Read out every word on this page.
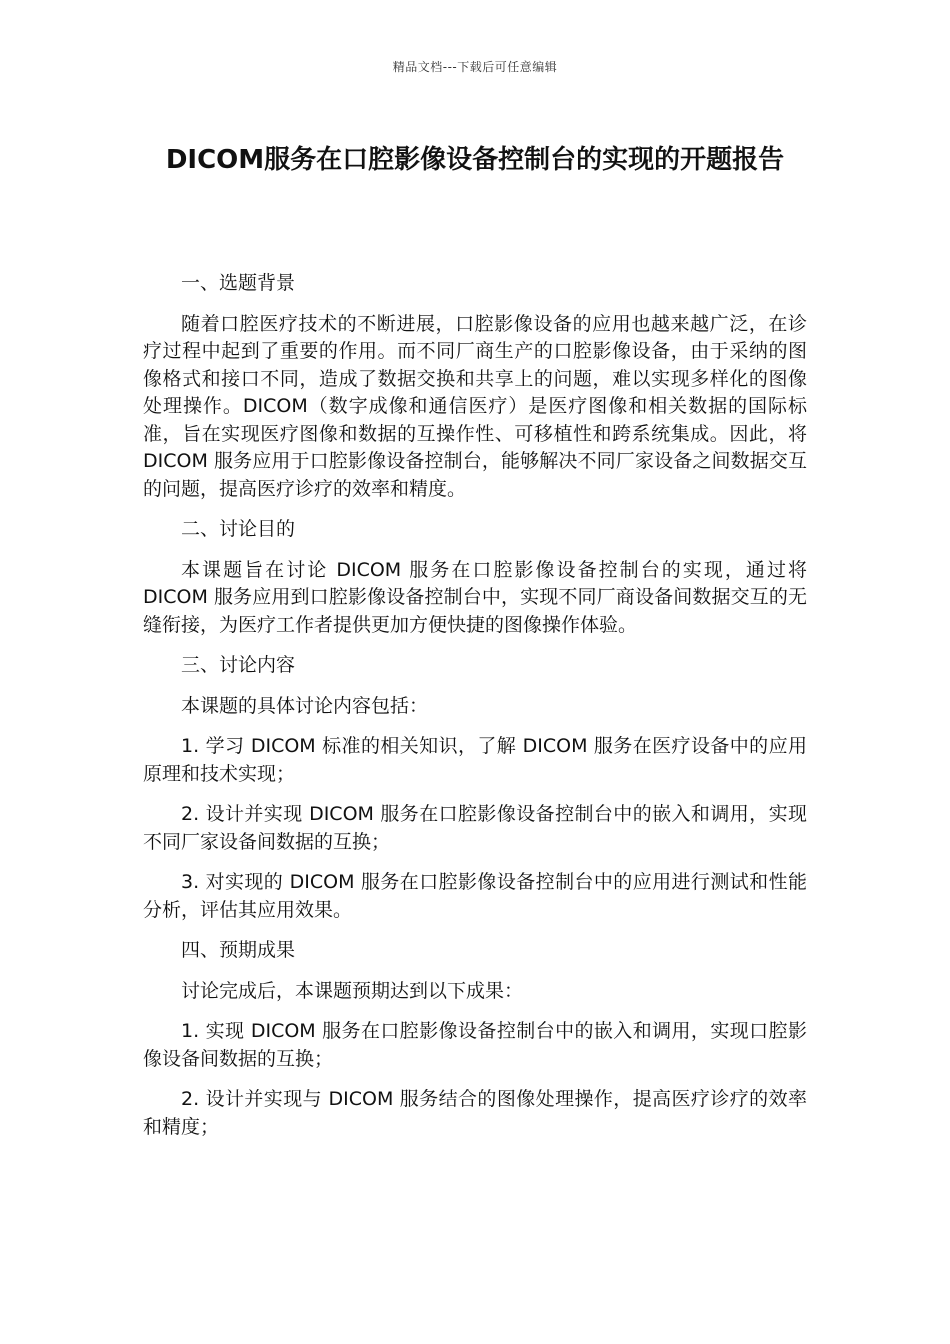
精品文档---下载后可任意编辑
DICOM服务在口腔影像设备控制台的实现的开题报告

一、选题背景

随着口腔医疗技术的不断进展，口腔影像设备的应用也越来越广泛，在诊疗过程中起到了重要的作用。而不同厂商生产的口腔影像设备，由于采纳的图像格式和接口不同，造成了数据交换和共享上的问题，难以实现多样化的图像处理操作。DICOM（数字成像和通信医疗）是医疗图像和相关数据的国际标准，旨在实现医疗图像和数据的互操作性、可移植性和跨系统集成。因此，将 DICOM 服务应用于口腔影像设备控制台，能够解决不同厂家设备之间数据交互的问题，提高医疗诊疗的效率和精度。

二、讨论目的

本课题旨在讨论 DICOM 服务在口腔影像设备控制台的实现，通过将 DICOM 服务应用到口腔影像设备控制台中，实现不同厂商设备间数据交互的无缝衔接，为医疗工作者提供更加方便快捷的图像操作体验。

三、讨论内容

本课题的具体讨论内容包括：

1. 学习 DICOM 标准的相关知识，了解 DICOM 服务在医疗设备中的应用原理和技术实现；

2. 设计并实现 DICOM 服务在口腔影像设备控制台中的嵌入和调用，实现不同厂家设备间数据的互换；

3. 对实现的 DICOM 服务在口腔影像设备控制台中的应用进行测试和性能分析，评估其应用效果。

四、预期成果

讨论完成后，本课题预期达到以下成果：

1. 实现 DICOM 服务在口腔影像设备控制台中的嵌入和调用，实现口腔影像设备间数据的互换；

2. 设计并实现与 DICOM 服务结合的图像处理操作，提高医疗诊疗的效率和精度；
